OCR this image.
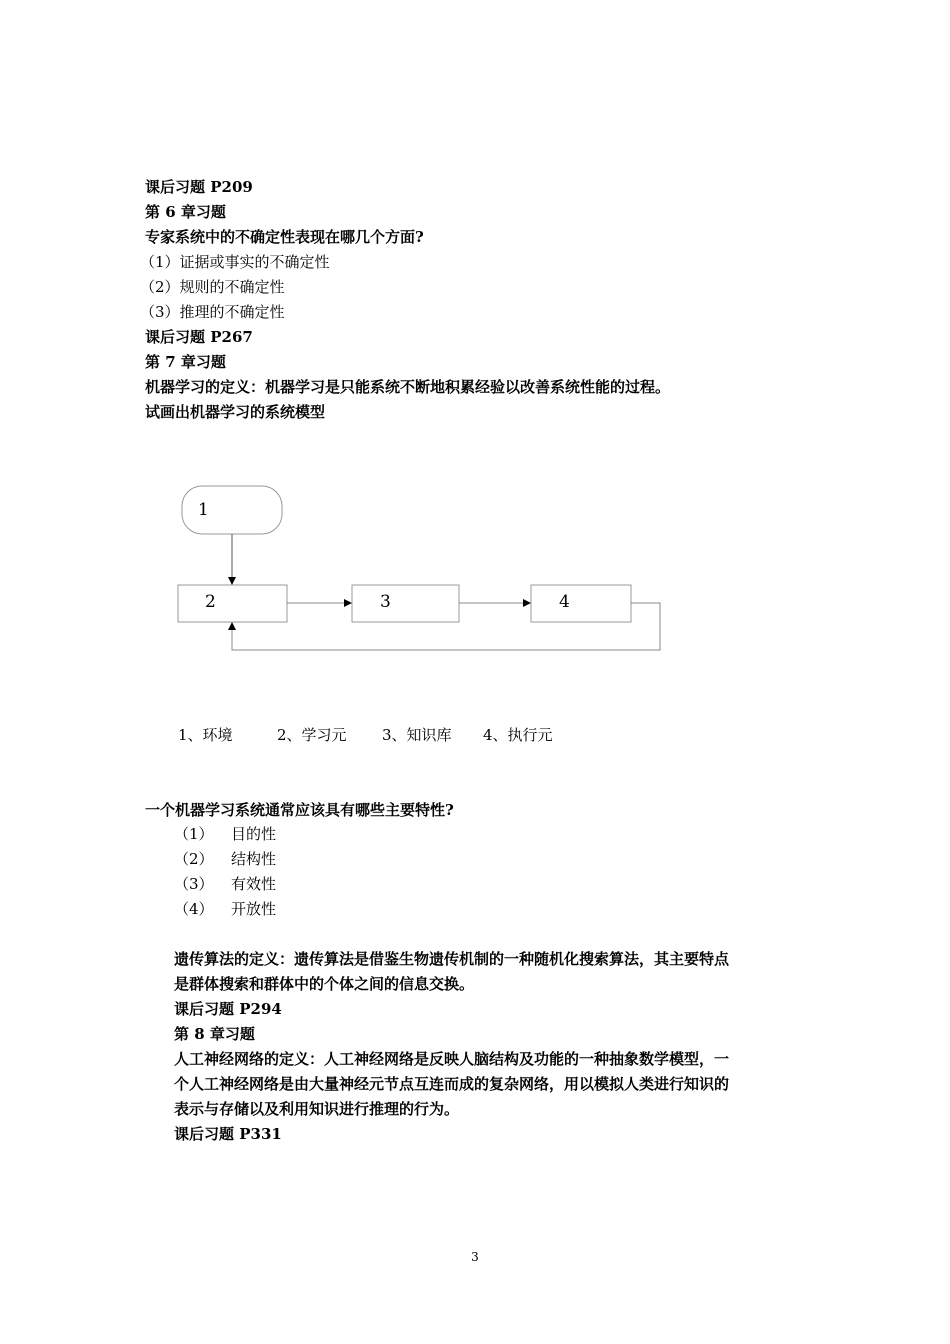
课后习题 P209
第 6 章习题
专家系统中的不确定性表现在哪几个方面?
（1）证据或事实的不确定性
（2）规则的不确定性
（3）推理的不确定性
课后习题 P267
第 7 章习题
机器学习的定义：机器学习是只能系统不断地积累经验以改善系统性能的过程。
试画出机器学习的系统模型
1
2	3	4
1、环境	2、学习元 3、知识库 4、执行元
一个机器学习系统通常应该具有哪些主要特性?
（1） 目的性
（2） 结构性
（3） 有效性
（4） 开放性
遗传算法的定义：遗传算法是借鉴生物遗传机制的一种随机化搜索算法，其主要特点
是群体搜索和群体中的个体之间的信息交换。
课后习题 P294
第 8 章习题
人工神经网络的定义：人工神经网络是反映人脑结构及功能的一种抽象数学模型，一
个人工神经网络是由大量神经元节点互连而成的复杂网络，用以模拟人类进行知识的
表示与存储以及利用知识进行推理的行为。
课后习题 P331
3
